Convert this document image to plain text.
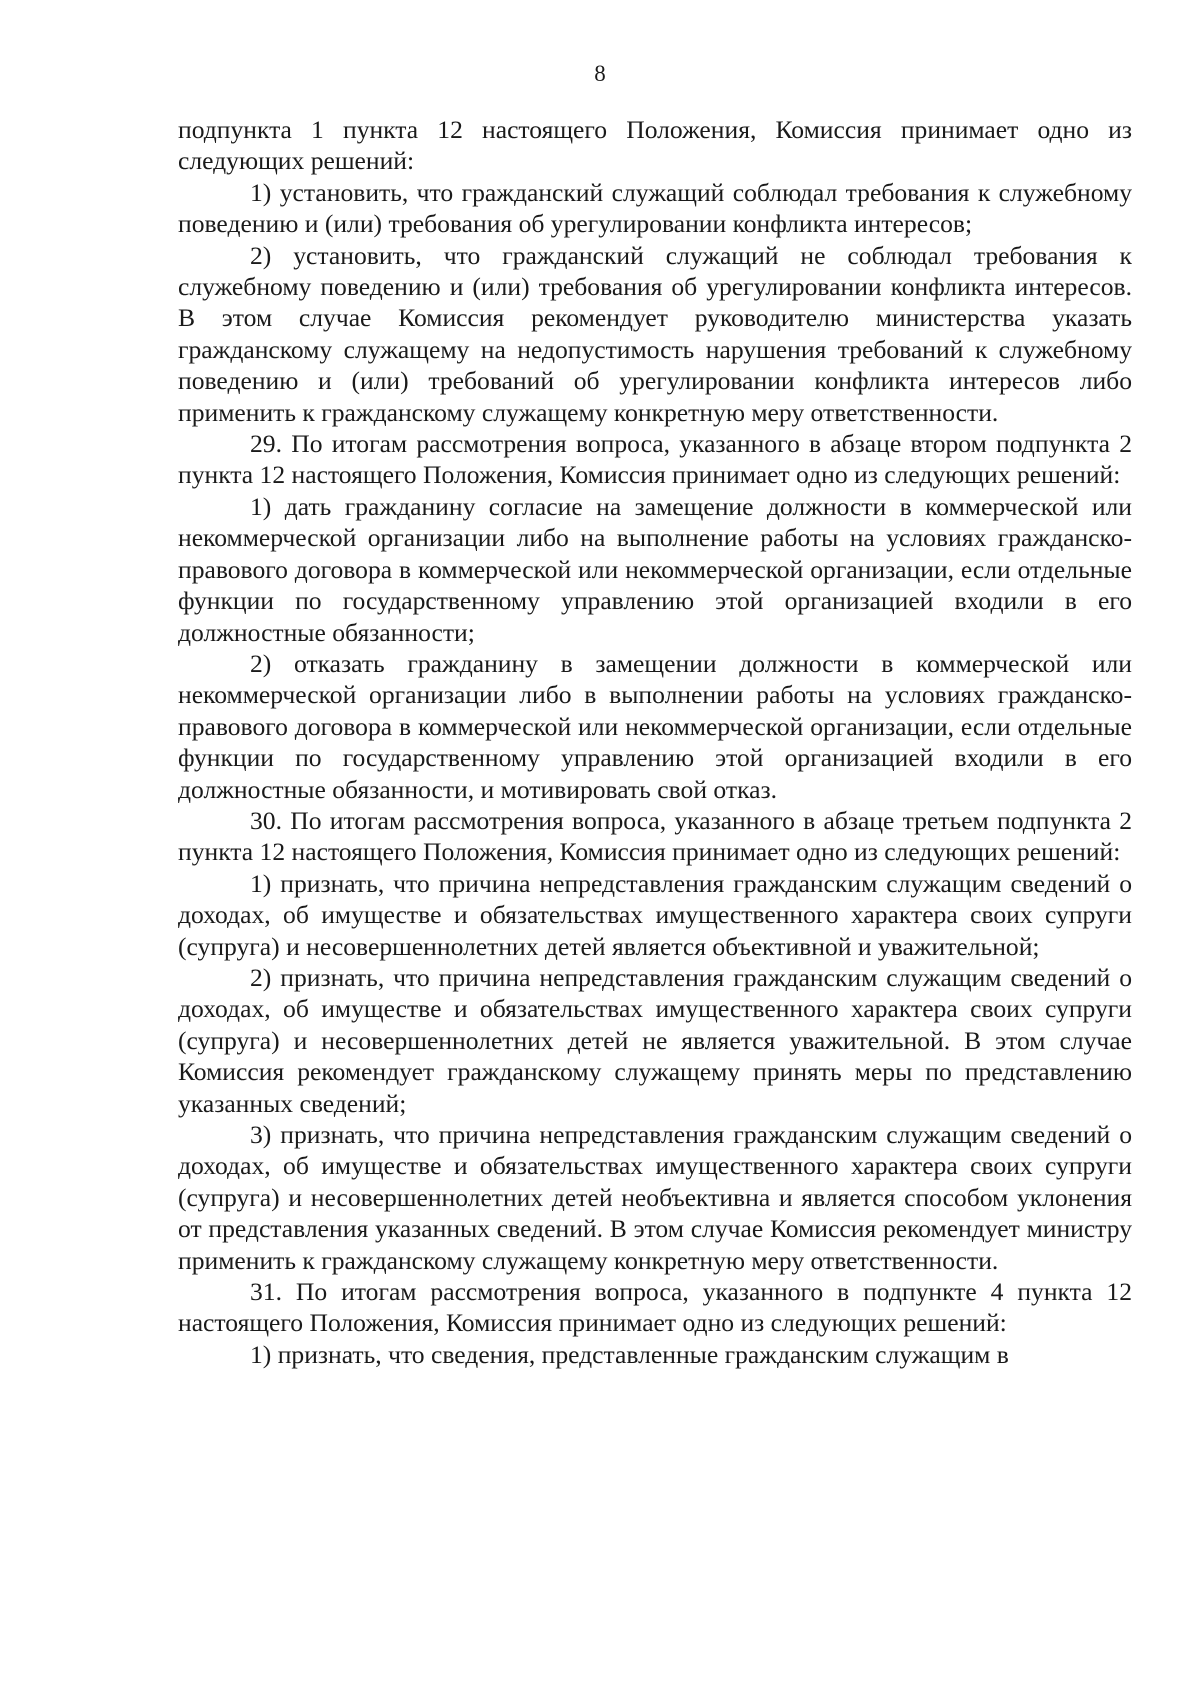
8

подпункта 1 пункта 12 настоящего Положения, Комиссия принимает одно из следующих решений:

1) установить, что гражданский служащий соблюдал требования к служебному поведению и (или) требования об урегулировании конфликта интересов;

2) установить, что гражданский служащий не соблюдал требования к служебному поведению и (или) требования об урегулировании конфликта интересов. В этом случае Комиссия рекомендует руководителю министерства указать гражданскому служащему на недопустимость нарушения требований к служебному поведению и (или) требований об урегулировании конфликта интересов либо применить к гражданскому служащему конкретную меру ответственности.

29. По итогам рассмотрения вопроса, указанного в абзаце втором подпункта 2 пункта 12 настоящего Положения, Комиссия принимает одно из следующих решений:

1) дать гражданину согласие на замещение должности в коммерческой или некоммерческой организации либо на выполнение работы на условиях гражданско-правового договора в коммерческой или некоммерческой организации, если отдельные функции по государственному управлению этой организацией входили в его должностные обязанности;

2) отказать гражданину в замещении должности в коммерческой или некоммерческой организации либо в выполнении работы на условиях гражданско-правового договора в коммерческой или некоммерческой организации, если отдельные функции по государственному управлению этой организацией входили в его должностные обязанности, и мотивировать свой отказ.

30. По итогам рассмотрения вопроса, указанного в абзаце третьем подпункта 2 пункта 12 настоящего Положения, Комиссия принимает одно из следующих решений:

1) признать, что причина непредставления гражданским служащим сведений о доходах, об имуществе и обязательствах имущественного характера своих супруги (супруга) и несовершеннолетних детей является объективной и уважительной;

2) признать, что причина непредставления гражданским служащим сведений о доходах, об имуществе и обязательствах имущественного характера своих супруги (супруга) и несовершеннолетних детей не является уважительной. В этом случае Комиссия рекомендует гражданскому служащему принять меры по представлению указанных сведений;

3) признать, что причина непредставления гражданским служащим сведений о доходах, об имуществе и обязательствах имущественного характера своих супруги (супруга) и несовершеннолетних детей необъективна и является способом уклонения от представления указанных сведений. В этом случае Комиссия рекомендует министру применить к гражданскому служащему конкретную меру ответственности.

31. По итогам рассмотрения вопроса, указанного в подпункте 4 пункта 12 настоящего Положения, Комиссия принимает одно из следующих решений:

1) признать, что сведения, представленные гражданским служащим в
